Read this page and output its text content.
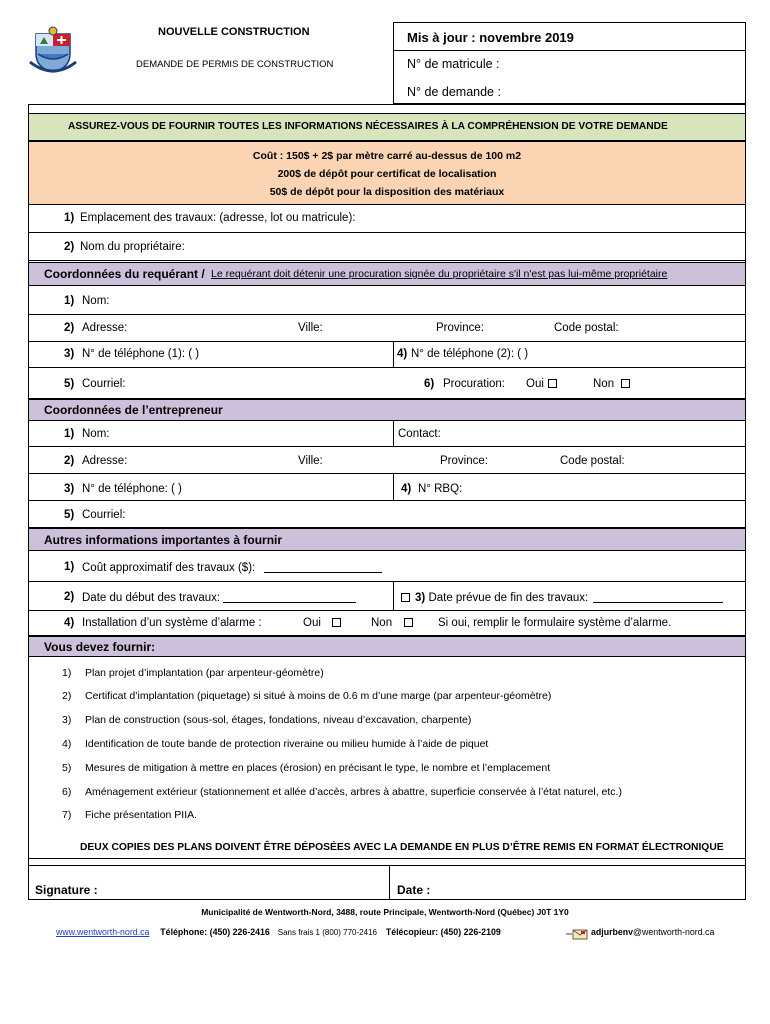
NOUVELLE CONSTRUCTION
DEMANDE DE PERMIS DE CONSTRUCTION
Mis à jour : novembre 2019
N° de matricule :
N° de demande :
ASSUREZ-VOUS DE FOURNIR TOUTES LES INFORMATIONS NÉCESSAIRES À LA COMPRÉHENSION DE VOTRE DEMANDE
Coût : 150$ + 2$ par mètre carré au-dessus de 100 m2
200$ de dépôt pour certificat de localisation
50$ de dépôt pour la disposition des matériaux
1) Emplacement des travaux: (adresse, lot ou matricule):
2) Nom du propriétaire:
Coordonnées du requérant / Le requérant doit détenir une procuration signée du propriétaire s'il n'est pas lui-même propriétaire
1) Nom:
2) Adresse:	Ville:	Province:	Code postal:
3) N° de téléphone (1): ( )	4) N° de téléphone (2): ( )
5) Courriel:	6) Procuration: Oui	Non
Coordonnées de l’entrepreneur
1) Nom:	Contact:
2) Adresse:	Ville:	Province:	Code postal:
3) N° de téléphone: ( )	4) N° RBQ:
5) Courriel:
Autres informations importantes à fournir
1) Coût approximatif des travaux ($):
2) Date du début des travaux:	3) Date prévue de fin des travaux:
4) Installation d’un système d’alarme :	Oui	Non	Si oui, remplir le formulaire système d’alarme.
Vous devez fournir:
1) Plan projet d’implantation (par arpenteur-géomètre)
2) Certificat d’implantation (piquetage) si situé à moins de 0.6 m d’une marge (par arpenteur-géomètre)
3) Plan de construction (sous-sol, étages, fondations, niveau d’excavation, charpente)
4) Identification de toute bande de protection riveraine ou milieu humide à l’aide de piquet
5) Mesures de mitigation à mettre en places (érosion) en précisant le type, le nombre et l’emplacement
6) Aménagement extérieur (stationnement et allée d’accès, arbres à abattre, superficie conservée à l’état naturel, etc.)
7) Fiche présentation PIIA.
DEUX COPIES DES PLANS DOIVENT ÊTRE DÉPOSÉES AVEC LA DEMANDE EN PLUS D’ÊTRE REMIS EN FORMAT ÉLECTRONIQUE
Signature :	Date :
Municipalité de Wentworth-Nord, 3488, route Principale, Wentworth-Nord (Québec) J0T 1Y0
www.wentworth-nord.ca Téléphone: (450) 226-2416 Sans frais 1 (800) 770-2416 Télécopieur: (450) 226-2109	adjurbenv@wentworth-nord.ca
